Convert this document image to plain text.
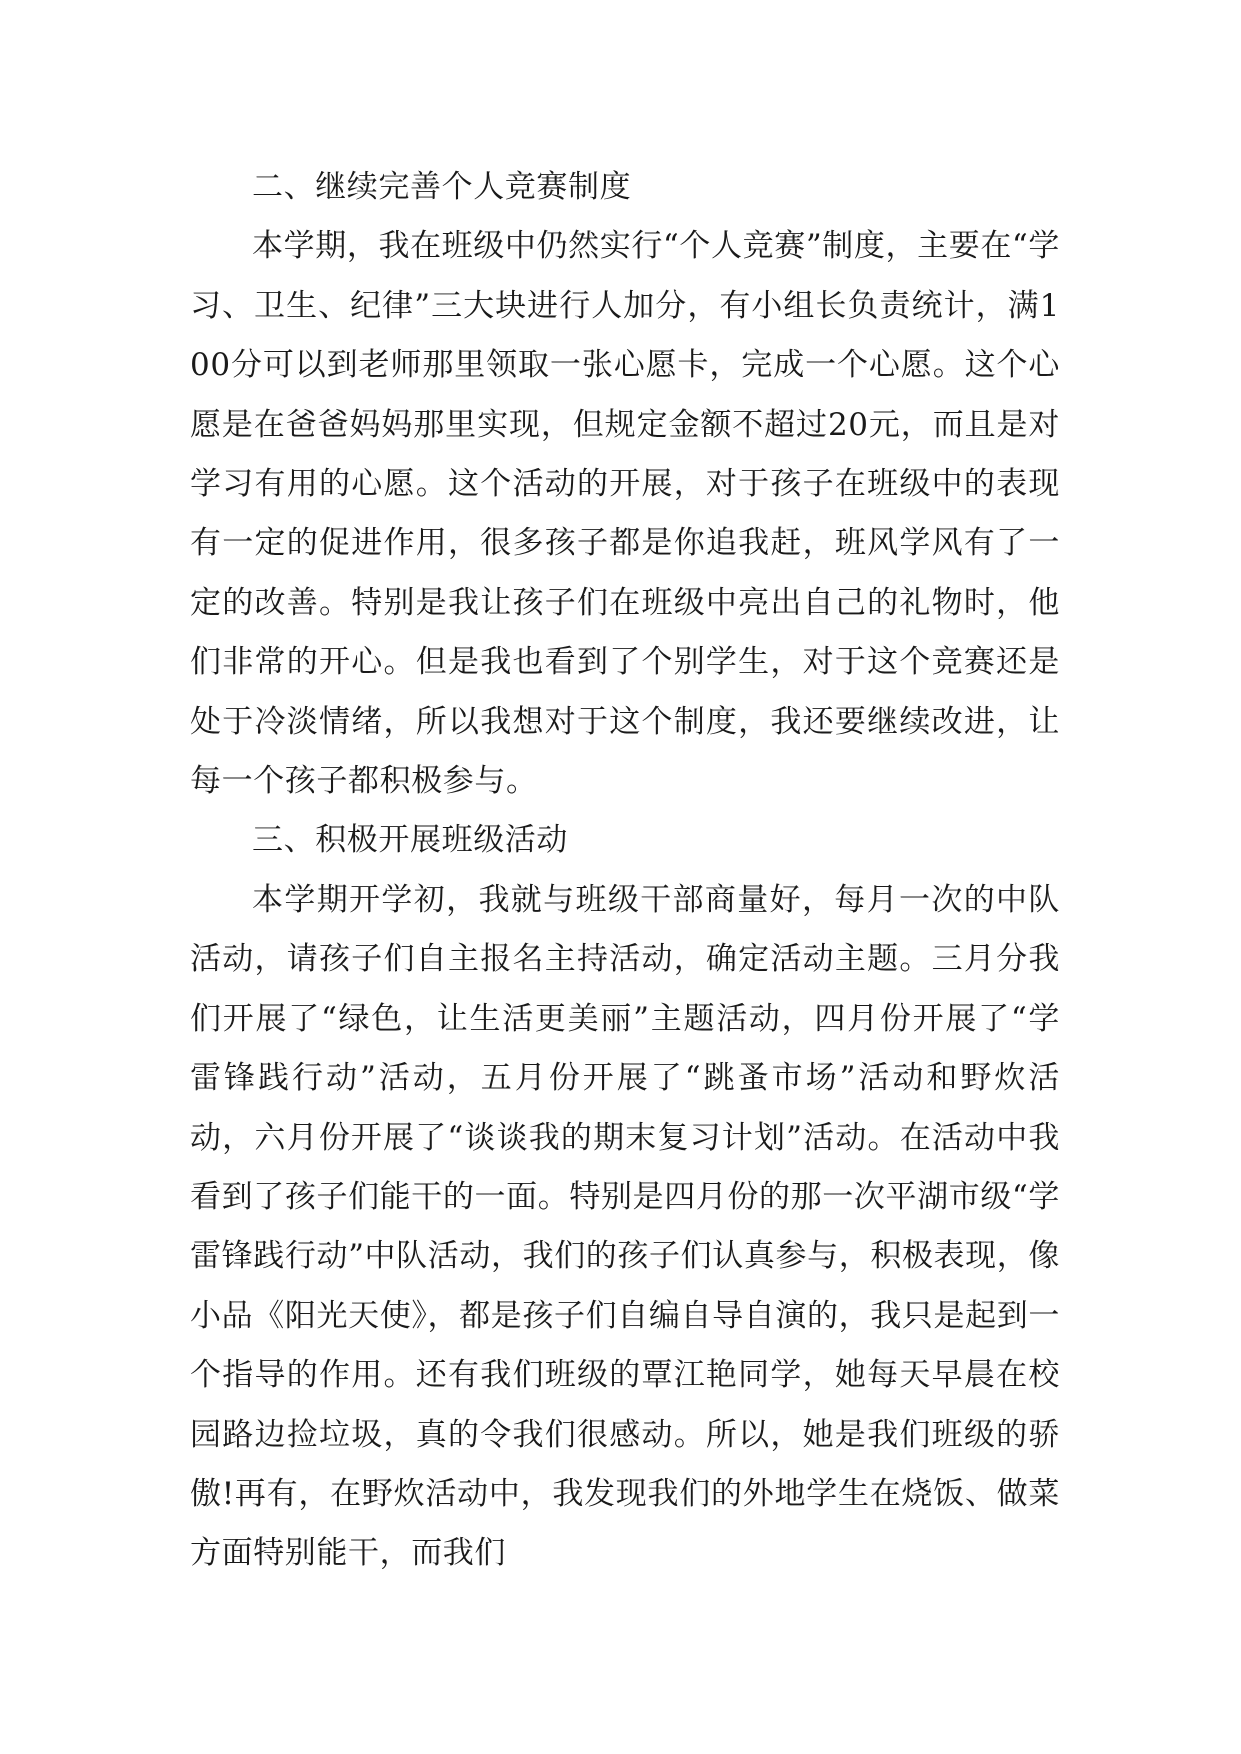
二、继续完善个人竞赛制度

本学期，我在班级中仍然实行“个人竞赛”制度，主要在“学习、卫生、纪律”三大块进行人加分，有小组长负责统计，满100分可以到老师那里领取一张心愿卡，完成一个心愿。这个心愿是在爸爸妈妈那里实现，但规定金额不超过20元，而且是对学习有用的心愿。这个活动的开展，对于孩子在班级中的表现有一定的促进作用，很多孩子都是你追我赶，班风学风有了一定的改善。特别是我让孩子们在班级中亮出自己的礼物时，他们非常的开心。但是我也看到了个别学生，对于这个竞赛还是处于冷淡情绪，所以我想对于这个制度，我还要继续改进，让每一个孩子都积极参与。

三、积极开展班级活动

本学期开学初，我就与班级干部商量好，每月一次的中队活动，请孩子们自主报名主持活动，确定活动主题。三月分我们开展了“绿色，让生活更美丽”主题活动，四月份开展了“学雷锋践行动”活动，五月份开展了“跳蚤市场”活动和野炊活动，六月份开展了“谈谈我的期末复习计划”活动。在活动中我看到了孩子们能干的一面。特别是四月份的那一次平湖市级“学雷锋践行动”中队活动，我们的孩子们认真参与，积极表现，像小品《阳光天使》，都是孩子们自编自导自演的，我只是起到一个指导的作用。还有我们班级的覃江艳同学，她每天早晨在校园路边捡垃圾，真的令我们很感动。所以，她是我们班级的骄傲!再有，在野炊活动中，我发现我们的外地学生在烧饭、做菜方面特别能干，而我们
